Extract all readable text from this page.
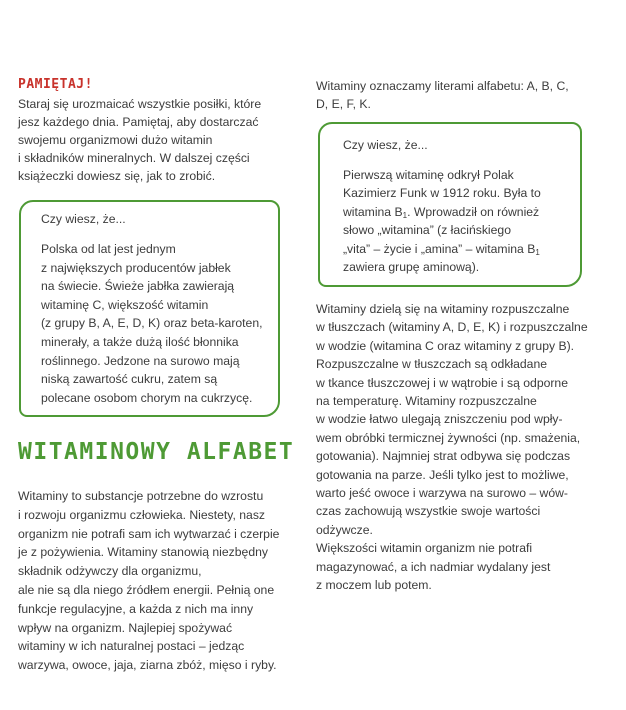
PAMIĘTAJ!
Staraj się urozmaicać wszystkie posiłki, które
jesz każdego dnia. Pamiętaj, aby dostarczać
swojemu organizmowi dużo witamin
i składników mineralnych. W dalszej części
książeczki dowiesz się, jak to zrobić.
Czy wiesz, że...
Polska od lat jest jednym
z największych producentów jabłek
na świecie. Świeże jabłka zawierają
witaminę C, większość witamin
(z grupy B, A, E, D, K) oraz beta-karoten,
minerały, a także dużą ilość błonnika
roślinnego. Jedzone na surowo mają
niską zawartość cukru, zatem są
polecane osobom chorym na cukrzycę.
WITAMINOWY ALFABET
Witaminy to substancje potrzebne do wzrostu
i rozwoju organizmu człowieka. Niestety, nasz
organizm nie potrafi sam ich wytwarzać i czerpie
je z pożywienia. Witaminy stanowią niezbędny
składnik odżywczy dla organizmu,
ale nie są dla niego źródłem energii. Pełnią one
funkcje regulacyjne, a każda z nich ma inny
wpływ na organizm. Najlepiej spożywać
witaminy w ich naturalnej postaci – jedząc
warzywa, owoce, jaja, ziarna zbóż, mięso i ryby.
Witaminy oznaczamy literami alfabetu: A, B, C,
D, E, F, K.
Czy wiesz, że...
Pierwszą witaminę odkrył Polak
Kazimierz Funk w 1912 roku. Była to
witamina $B_1$. Wprowadził on również
słowo „witamina” (z łacińskiego
„vita” – życie i „amina” – witamina $B_1$
zawiera grupę aminową).
Witaminy dzielą się na witaminy rozpuszczalne
w tłuszczach (witaminy A, D, E, K) i rozpuszczalne
w wodzie (witamina C oraz witaminy z grupy B).
Rozpuszczalne w tłuszczach są odkładane
w tkance tłuszczowej i w wątrobie i są odporne
na temperaturę. Witaminy rozpuszczalne
w wodzie łatwo ulegają zniszczeniu pod wpły-
wem obróbki termicznej żywności (np. smażenia,
gotowania). Najmniej strat odbywa się podczas
gotowania na parze. Jeśli tylko jest to możliwe,
warto jeść owoce i warzywa na surowo – wów-
czas zachowują wszystkie swoje wartości
odżywcze.
Większości witamin organizm nie potrafi
magazynować, a ich nadmiar wydalany jest
z moczem lub potem.
